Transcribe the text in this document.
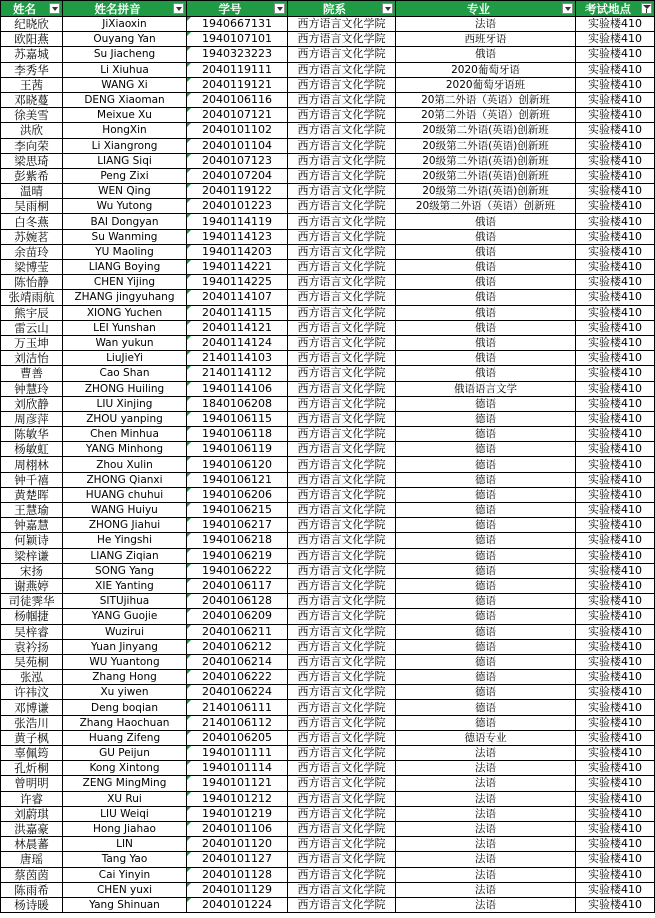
姓名	姓名拼音	学号	院系	专业	考试地点

纪晓欣	JiXiaoxin	1940667131	西方语言文化学院	法语	实验楼410
欧阳燕	Ouyang Yan	1940107101	西方语言文化学院	西班牙语	实验楼410
苏嘉城	Su Jiacheng	1940323223	西方语言文化学院	俄语	实验楼410
李秀华	Li Xiuhua	2040119111	西方语言文化学院	2020葡萄牙语	实验楼410
王茜	WANG Xi	2040119121	西方语言文化学院	2020葡萄牙语班	实验楼410
邓晓蔓	DENG Xiaoman	2040106116	西方语言文化学院	20第二外语（英语）创新班	实验楼410
徐美雪	Meixue Xu	2040107121	西方语言文化学院	20第二外语（英语）创新班	实验楼410
洪欣	HongXin	2040101102	西方语言文化学院	20级第二外语(英语)创新班	实验楼410
李向荣	Li Xiangrong	2040101104	西方语言文化学院	20级第二外语(英语)创新班	实验楼410
梁思琦	LIANG Siqi	2040107123	西方语言文化学院	20级第二外语(英语)创新班	实验楼410
彭紫希	Peng Zixi	2040107204	西方语言文化学院	20级第二外语(英语)创新班	实验楼410
温晴	WEN Qing	2040119122	西方语言文化学院	20级第二外语(英语)创新班	实验楼410
吴雨桐	Wu Yutong	2040101223	西方语言文化学院	20级第二外语（英语）创新班	实验楼410
白冬燕	BAI Dongyan	1940114119	西方语言文化学院	俄语	实验楼410
苏婉茗	Su Wanming	1940114123	西方语言文化学院	俄语	实验楼410
余苗玲	YU Maoling	1940114203	西方语言文化学院	俄语	实验楼410
梁博莹	LIANG Boying	1940114221	西方语言文化学院	俄语	实验楼410
陈怡静	CHEN Yijing	1940114225	西方语言文化学院	俄语	实验楼410
张靖雨航	ZHANG jingyuhang	2040114107	西方语言文化学院	俄语	实验楼410
熊宇辰	XIONG Yuchen	2040114115	西方语言文化学院	俄语	实验楼410
雷云山	LEI Yunshan	2040114121	西方语言文化学院	俄语	实验楼410
万玉坤	Wan yukun	2040114124	西方语言文化学院	俄语	实验楼410
刘洁怡	LiuJieYi	2140114103	西方语言文化学院	俄语	实验楼410
曹善	Cao Shan	2140114112	西方语言文化学院	俄语	实验楼410
钟慧玲	ZHONG Huiling	1940114106	西方语言文化学院	俄语语言文学	实验楼410
刘欣静	LIU Xinjing	1840106208	西方语言文化学院	德语	实验楼410
周彦萍	ZHOU yanping	1940106115	西方语言文化学院	德语	实验楼410
陈敏华	Chen Minhua	1940106118	西方语言文化学院	德语	实验楼410
杨敏虹	YANG Minhong	1940106119	西方语言文化学院	德语	实验楼410
周栩林	Zhou Xulin	1940106120	西方语言文化学院	德语	实验楼410
钟千禧	ZHONG Qianxi	1940106121	西方语言文化学院	德语	实验楼410
黄楚晖	HUANG chuhui	1940106206	西方语言文化学院	德语	实验楼410
王慧瑜	WANG Huiyu	1940106215	西方语言文化学院	德语	实验楼410
钟嘉慧	ZHONG Jiahui	1940106217	西方语言文化学院	德语	实验楼410
何颖诗	He Yingshi	1940106218	西方语言文化学院	德语	实验楼410
梁梓谦	LIANG Ziqian	1940106219	西方语言文化学院	德语	实验楼410
宋扬	SONG Yang	1940106222	西方语言文化学院	德语	实验楼410
谢燕婷	XIE Yanting	2040106117	西方语言文化学院	德语	实验楼410
司徒霁华	SITUjihua	2040106128	西方语言文化学院	德语	实验楼410
杨帼捷	YANG Guojie	2040106209	西方语言文化学院	德语	实验楼410
吴梓睿	Wuzirui	2040106211	西方语言文化学院	德语	实验楼410
袁衿扬	Yuan Jinyang	2040106212	西方语言文化学院	德语	实验楼410
吴苑桐	WU Yuantong	2040106214	西方语言文化学院	德语	实验楼410
张泓	Zhang Hong	2040106222	西方语言文化学院	德语	实验楼410
许祎汶	Xu yiwen	2040106224	西方语言文化学院	德语	实验楼410
邓博谦	Deng boqian	2140106111	西方语言文化学院	德语	实验楼410
张浩川	Zhang Haochuan	2140106112	西方语言文化学院	德语	实验楼410
黄子枫	Huang Zifeng	2040106205	西方语言文化学院	德语专业	实验楼410
辜佩筠	GU Peijun	1940101111	西方语言文化学院	法语	实验楼410
孔炘桐	Kong Xintong	1940101114	西方语言文化学院	法语	实验楼410
曾明明	ZENG MingMing	1940101121	西方语言文化学院	法语	实验楼410
许睿	XU Rui	1940101212	西方语言文化学院	法语	实验楼410
刘蔚琪	LIU Weiqi	1940101219	西方语言文化学院	法语	实验楼410
洪嘉豪	Hong Jiahao	2040101106	西方语言文化学院	法语	实验楼410
林晨蕃	LIN	2040101120	西方语言文化学院	法语	实验楼410
唐瑶	Tang Yao	2040101127	西方语言文化学院	法语	实验楼410
蔡茵茵	Cai Yinyin	2040101128	西方语言文化学院	法语	实验楼410
陈雨希	CHEN yuxi	2040101129	西方语言文化学院	法语	实验楼410
杨诗暖	Yang Shinuan	2040101224	西方语言文化学院	法语	实验楼410
